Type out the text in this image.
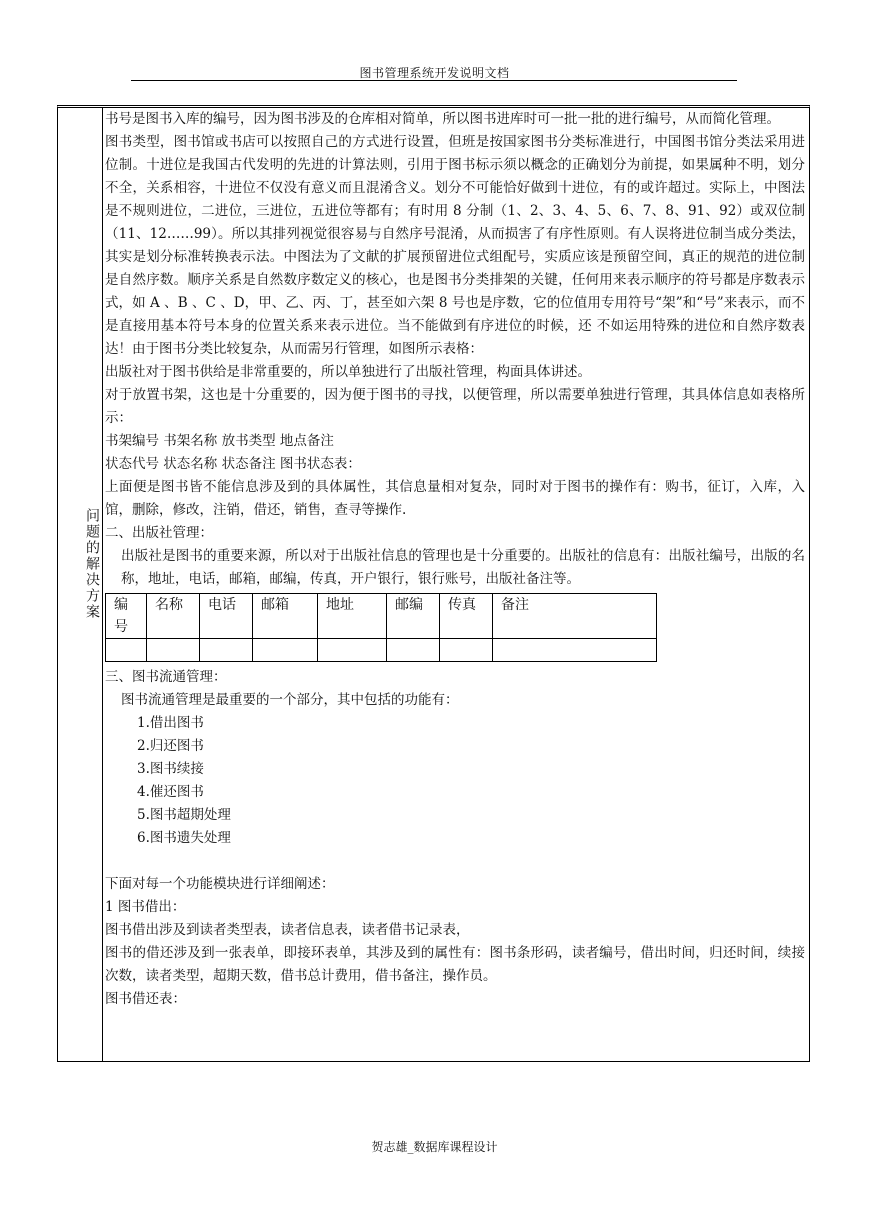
图书管理系统开发说明文档
问题的解决方案

书号是图书入库的编号，因为图书涉及的仓库相对简单，所以图书进库时可一批一批的进行编号，从而简化管理。

图书类型，图书馆或书店可以按照自己的方式进行设置，但班是按国家图书分类标准进行，中国图书馆分类法采用进位制。十进位是我国古代发明的先进的计算法则，引用于图书标示须以概念的正确划分为前提，如果属种不明，划分不全，关系相容，十进位不仅没有意义而且混淆含义。划分不可能恰好做到十进位，有的或许超过。实际上，中图法是不规则进位，二进位，三进位，五进位等都有；有时用 8 分制（1、2、3、4、5、6、7、8、91、92）或双位制（11、12……99）。所以其排列视觉很容易与自然序号混淆，从而损害了有序性原则。有人误将进位制当成分类法，其实是划分标准转换表示法。中图法为了文献的扩展预留进位式组配号，实质应该是预留空间，真正的规范的进位制是自然序数。顺序关系是自然数序数定义的核心，也是图书分类排架的关键，任何用来表示顺序的符号都是序数表示式，如 A 、B 、C 、D，甲、乙、丙、丁，甚至如六架 8 号也是序数，它的位值用专用符号“架”和“号”来表示，而不是直接用基本符号本身的位置关系来表示进位。当不能做到有序进位的时候，还 不如运用特殊的进位和自然序数表达！由于图书分类比较复杂，从而需另行管理，如图所示表格：

出版社对于图书供给是非常重要的，所以单独进行了出版社管理，构面具体讲述。

对于放置书架，这也是十分重要的，因为便于图书的寻找，以便管理，所以需要单独进行管理，其具体信息如表格所示：

书架编号 书架名称 放书类型 地点备注

状态代号 状态名称 状态备注 图书状态表：

上面便是图书皆不能信息涉及到的具体属性，其信息量相对复杂，同时对于图书的操作有：购书，征订，入库，入馆，删除，修改，注销，借还，销售，查寻等操作.

二、出版社管理：

出版社是图书的重要来源，所以对于出版社信息的管理也是十分重要的。出版社的信息有：出版社编号，出版的名称，地址，电话，邮箱，邮编，传真，开户银行，银行账号，出版社备注等。

编号	名称	电话	邮箱	地址	邮编	传真	备注

三、图书流通管理：

图书流通管理是最重要的一个部分，其中包括的功能有：

1.借出图书

2.归还图书

3.图书续接

4.催还图书

5.图书超期处理

6.图书遗失处理

下面对每一个功能模块进行详细阐述：

1 图书借出：

图书借出涉及到读者类型表，读者信息表，读者借书记录表，

图书的借还涉及到一张表单，即接环表单，其涉及到的属性有：图书条形码，读者编号，借出时间，归还时间，续接次数，读者类型，超期天数，借书总计费用，借书备注，操作员。

图书借还表：

贺志雄_数据库课程设计
